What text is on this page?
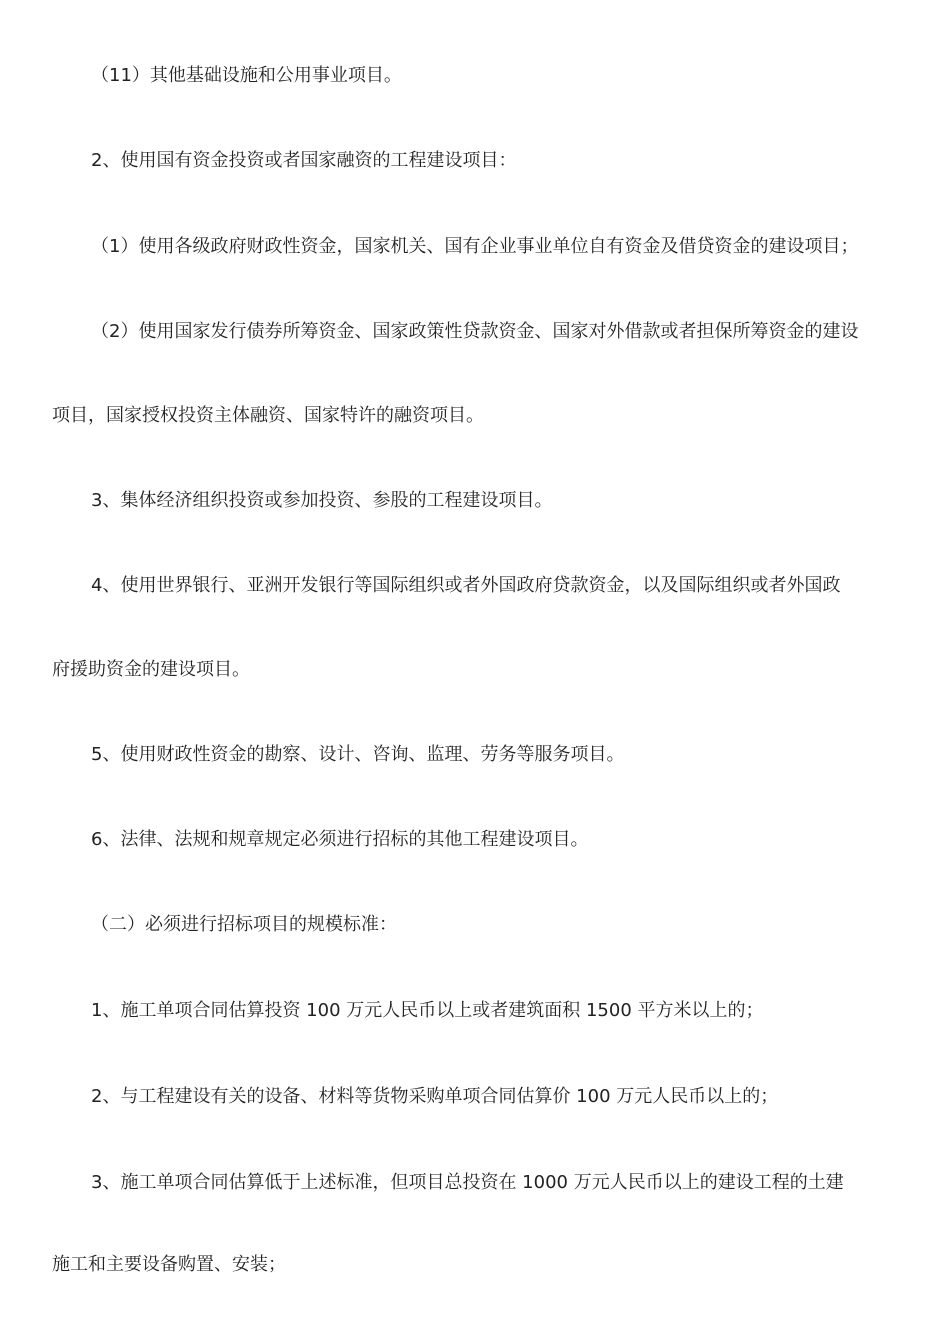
（11）其他基础设施和公用事业项目。
2、使用国有资金投资或者国家融资的工程建设项目：
（1）使用各级政府财政性资金，国家机关、国有企业事业单位自有资金及借贷资金的建设项目；
（2）使用国家发行债券所筹资金、国家政策性贷款资金、国家对外借款或者担保所筹资金的建设
项目，国家授权投资主体融资、国家特许的融资项目。
3、集体经济组织投资或参加投资、参股的工程建设项目。
4、使用世界银行、亚洲开发银行等国际组织或者外国政府贷款资金，以及国际组织或者外国政
府援助资金的建设项目。
5、使用财政性资金的勘察、设计、咨询、监理、劳务等服务项目。
6、法律、法规和规章规定必须进行招标的其他工程建设项目。
（二）必须进行招标项目的规模标准：
1、施工单项合同估算投资 100 万元人民币以上或者建筑面积 1500 平方米以上的；
2、与工程建设有关的设备、材料等货物采购单项合同估算价 100 万元人民币以上的；
3、施工单项合同估算低于上述标准，但项目总投资在 1000 万元人民币以上的建设工程的土建
施工和主要设备购置、安装；
